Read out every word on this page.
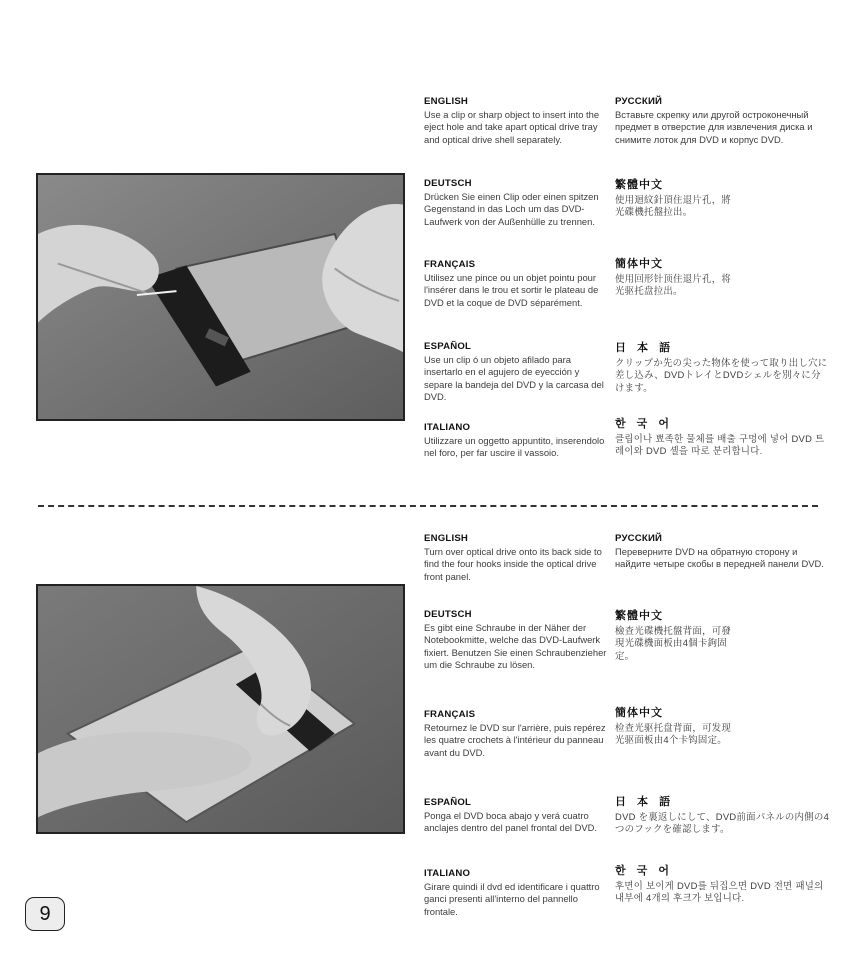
ENGLISH

Use a clip or sharp object to insert into the eject hole and take apart optical drive tray and optical drive shell separately.

DEUTSCH

Drücken Sie einen Clip oder einen spitzen Gegenstand in das Loch um das DVD-Laufwerk von der Außenhülle zu trennen.

FRANÇAIS

Utilisez une pince ou un objet pointu pour l'insérer dans le trou et sortir le plateau de DVD et la coque de DVD séparément.

ESPAÑOL

Use un clip ó un objeto afilado para insertarlo en el agujero de eyección y separe la bandeja del DVD y la carcasa del DVD.

ITALIANO

Utilizzare un oggetto appuntito, inserendolo nel foro, per far uscire il vassoio.

РУССКИЙ

Вставьте скрепку или другой остроконечный предмет в отверстие для извлечения диска и снимите лоток для DVD и корпус DVD.

繁體中文

使用迴紋針頂住退片孔，將光碟機托盤拉出。

簡体中文

使用回形针顶住退片孔，将光驱托盘拉出。

日 本 語

クリップか先の尖った物体を使って取り出し穴に差し込み、DVDトレイとDVDシェルを別々に分けます。

한 국 어

클립이나 뾰족한 물체를 배출 구멍에 넣어 DVD 트레이와 DVD 셸을 따로 분리합니다.

ENGLISH

Turn over optical drive onto its back side to find the four hooks inside the optical drive front panel.

DEUTSCH

Es gibt eine Schraube in der Näher der Notebookmitte, welche das DVD-Laufwerk fixiert. Benutzen Sie einen Schraubenzieher um die Schraube zu lösen.

FRANÇAIS

Retournez le DVD sur l'arrière, puis repérez les quatre crochets à l'intérieur du panneau avant du DVD.

ESPAÑOL

Ponga el DVD boca abajo y verá cuatro anclajes dentro del panel frontal del DVD.

ITALIANO

Girare quindi il dvd ed identificare i quattro ganci presenti all'interno del pannello frontale.

РУССКИЙ

Переверните DVD на обратную сторону и найдите четыре скобы в передней панели DVD.

繁體中文

檢查光碟機托盤背面，可發現光碟機面板由4個卡鉤固定。

簡体中文

检查光驱托盘背面，可发现光驱面板由4个卡钩固定。

日 本 語

DVD を裏返しにして、DVD前面パネルの内側の4つのフックを確認します。

한 국 어

후면이 보이게 DVD를 뒤집으면 DVD 전면 패널의 내부에 4개의 후크가 보입니다.

9
